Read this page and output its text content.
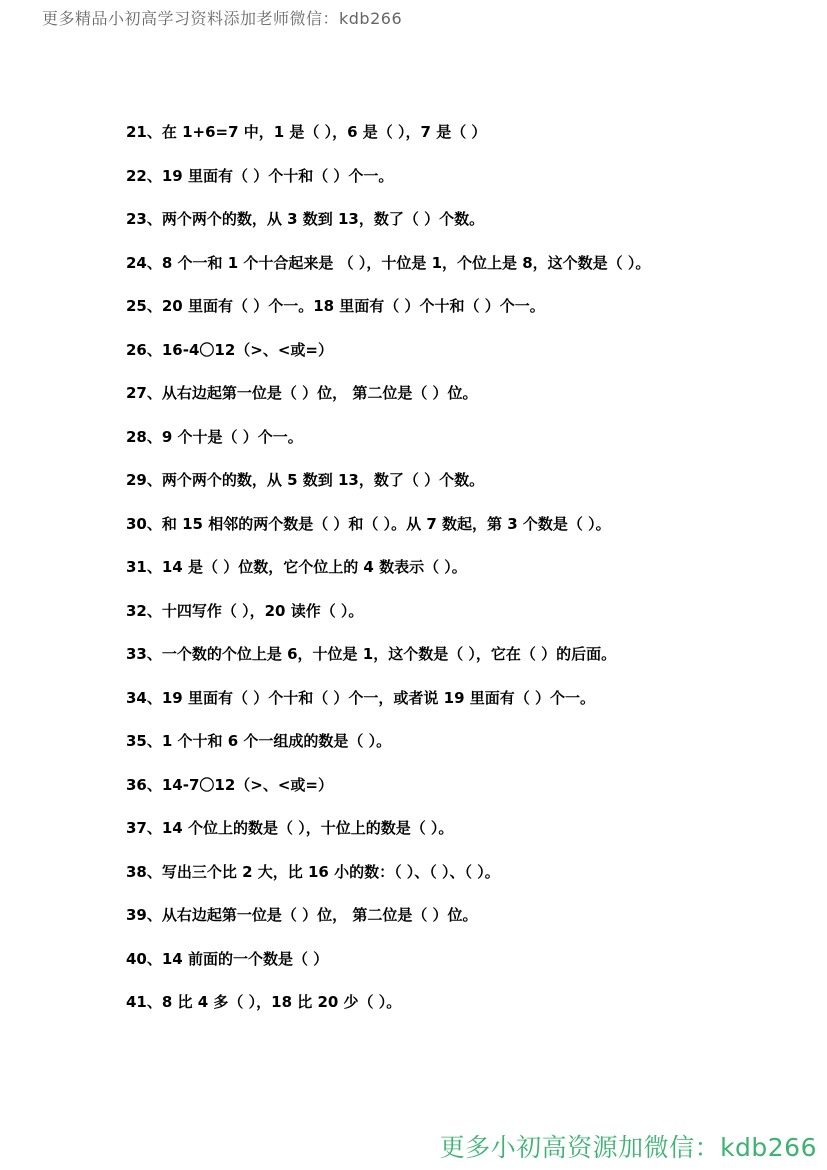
更多精品小初高学习资料添加老师微信：kdb266
21、在 1+6=7 中，1 是（ ），6 是（ ），7 是（ ）
22、19 里面有（ ）个十和（ ）个一。
23、两个两个的数，从 3 数到 13，数了（ ）个数。
24、8 个一和 1 个十合起来是 （ ），十位是 1，个位上是 8，这个数是（ ）。
25、20 里面有（ ）个一。18 里面有（ ）个十和（ ）个一。
26、16-4〇12（>、<或=）
27、从右边起第一位是（ ）位， 第二位是（ ）位。
28、9 个十是（ ）个一。
29、两个两个的数，从 5 数到 13，数了（ ）个数。
30、和 15 相邻的两个数是（ ）和（ ）。从 7 数起，第 3 个数是（ ）。
31、14 是（ ）位数，它个位上的 4 数表示（ ）。
32、十四写作（ ），20 读作（ ）。
33、一个数的个位上是 6，十位是 1，这个数是（ ），它在（ ）的后面。
34、19 里面有（ ）个十和（ ）个一，或者说 19 里面有（ ）个一。
35、1 个十和 6 个一组成的数是（ ）。
36、14-7〇12（>、<或=）
37、14 个位上的数是（ ），十位上的数是（ ）。
38、写出三个比 2 大，比 16 小的数：（ ）、（ ）、（ ）。
39、从右边起第一位是（ ）位， 第二位是（ ）位。
40、14 前面的一个数是（ ）
41、8 比 4 多（ ），18 比 20 少（ ）。
更多小初高资源加微信：kdb266
